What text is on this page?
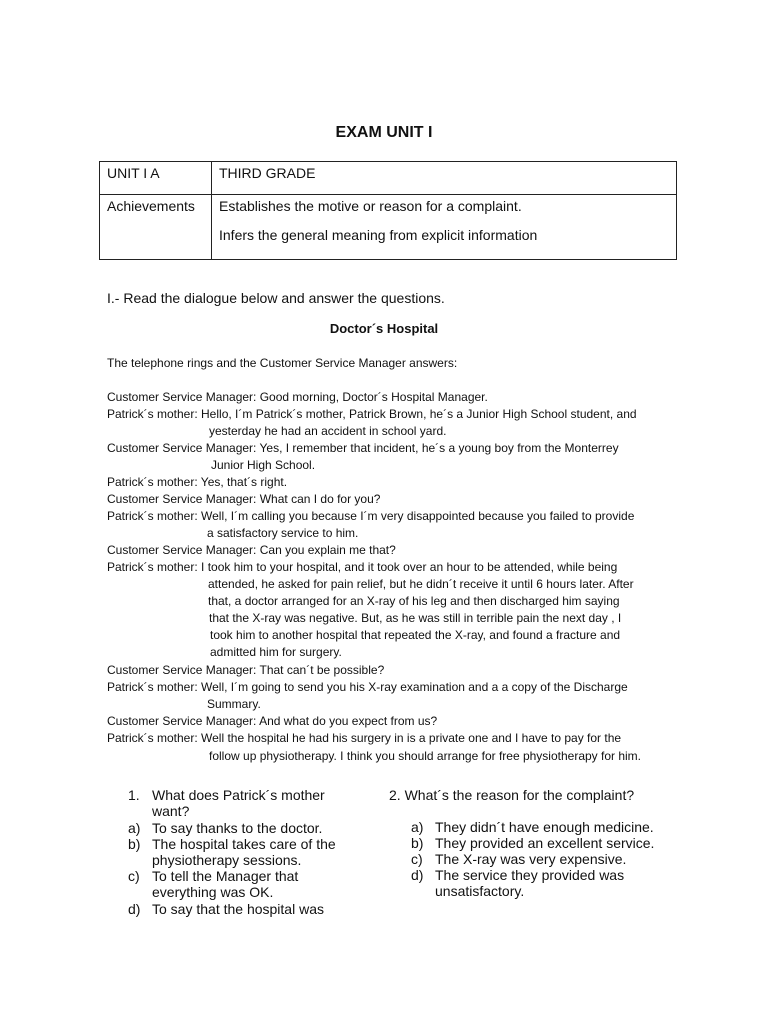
EXAM UNIT I
UNIT I A	THIRD GRADE
Achievements	Establishes the motive or reason for a complaint.
Infers the general meaning from explicit information
I.- Read the dialogue below and answer the questions.
Doctor´s Hospital
The telephone rings and the Customer Service Manager answers:
Customer Service Manager: Good morning, Doctor´s Hospital Manager.
Patrick´s mother: Hello, I´m Patrick´s mother, Patrick Brown, he´s a Junior High School student, and
yesterday he had an accident in school yard.
Customer Service Manager: Yes, I remember that incident, he´s a young boy from the Monterrey
Junior High School.
Patrick´s mother: Yes, that´s right.
Customer Service Manager: What can I do for you?
Patrick´s mother: Well, I´m calling you because I´m very disappointed because you failed to provide
a satisfactory service to him.
Customer Service Manager: Can you explain me that?
Patrick´s mother: I took him to your hospital, and it took over an hour to be attended, while being
attended, he asked for pain relief, but he didn´t receive it until 6 hours later. After
that, a doctor arranged for an X-ray of his leg and then discharged him saying
that the X-ray was negative. But, as he was still in terrible pain the next day , I
took him to another hospital that repeated the X-ray, and found a fracture and
admitted him for surgery.
Customer Service Manager: That can´t be possible?
Patrick´s mother: Well, I´m going to send you his X-ray examination and a a copy of the Discharge
Summary.
Customer Service Manager: And what do you expect from us?
Patrick´s mother: Well the hospital he had his surgery in is a private one and I have to pay for the
follow up physiotherapy. I think you should arrange for free physiotherapy for him.
1. What does Patrick´s mother
want?
a) To say thanks to the doctor.
b) The hospital takes care of the
physiotherapy sessions.
c) To tell the Manager that
everything was OK.
d) To say that the hospital was
2. What´s the reason for the complaint?
a) They didn´t have enough medicine.
b) They provided an excellent service.
c) The X-ray was very expensive.
d) The service they provided was
unsatisfactory.
